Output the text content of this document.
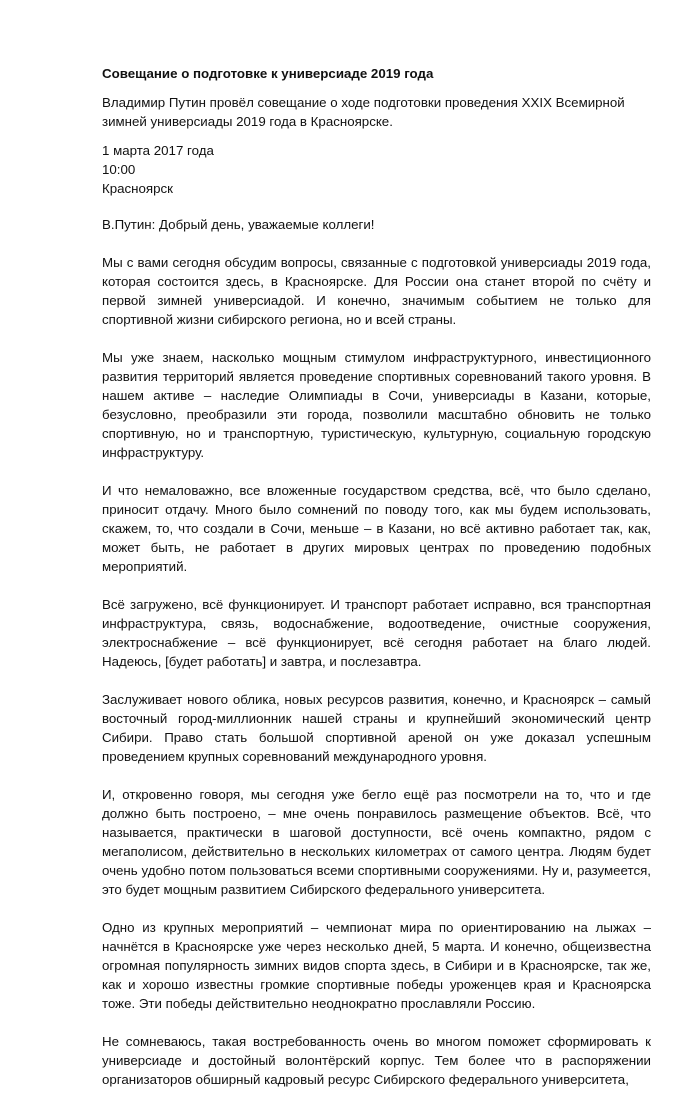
Совещание о подготовке к универсиаде 2019 года
Владимир Путин провёл совещание о ходе подготовки проведения XXIX Всемирной зимней универсиады 2019 года в Красноярске.
1 марта 2017 года
10:00
Красноярск

В.Путин: Добрый день, уважаемые коллеги!

Мы с вами сегодня обсудим вопросы, связанные с подготовкой универсиады 2019 года, которая состоится здесь, в Красноярске. Для России она станет второй по счёту и первой зимней универсиадой. И конечно, значимым событием не только для спортивной жизни сибирского региона, но и всей страны.

Мы уже знаем, насколько мощным стимулом инфраструктурного, инвестиционного развития территорий является проведение спортивных соревнований такого уровня. В нашем активе – наследие Олимпиады в Сочи, универсиады в Казани, которые, безусловно, преобразили эти города, позволили масштабно обновить не только спортивную, но и транспортную, туристическую, культурную, социальную городскую инфраструктуру.

И что немаловажно, все вложенные государством средства, всё, что было сделано, приносит отдачу. Много было сомнений по поводу того, как мы будем использовать, скажем, то, что создали в Сочи, меньше – в Казани, но всё активно работает так, как, может быть, не работает в других мировых центрах по проведению подобных мероприятий.

Всё загружено, всё функционирует. И транспорт работает исправно, вся транспортная инфраструктура, связь, водоснабжение, водоотведение, очистные сооружения, электроснабжение – всё функционирует, всё сегодня работает на благо людей. Надеюсь, [будет работать] и завтра, и послезавтра.

Заслуживает нового облика, новых ресурсов развития, конечно, и Красноярск – самый восточный город-миллионник нашей страны и крупнейший экономический центр Сибири. Право стать большой спортивной ареной он уже доказал успешным проведением крупных соревнований международного уровня.

И, откровенно говоря, мы сегодня уже бегло ещё раз посмотрели на то, что и где должно быть построено, – мне очень понравилось размещение объектов. Всё, что называется, практически в шаговой доступности, всё очень компактно, рядом с мегаполисом, действительно в нескольких километрах от самого центра. Людям будет очень удобно потом пользоваться всеми спортивными сооружениями. Ну и, разумеется, это будет мощным развитием Сибирского федерального университета.

Одно из крупных мероприятий – чемпионат мира по ориентированию на лыжах – начнётся в Красноярске уже через несколько дней, 5 марта. И конечно, общеизвестна огромная популярность зимних видов спорта здесь, в Сибири и в Красноярске, так же, как и хорошо известны громкие спортивные победы уроженцев края и Красноярска тоже. Эти победы действительно неоднократно прославляли Россию.

Не сомневаюсь, такая востребованность очень во многом поможет сформировать к универсиаде и достойный волонтёрский корпус. Тем более что в распоряжении организаторов обширный кадровый ресурс Сибирского федерального университета,
